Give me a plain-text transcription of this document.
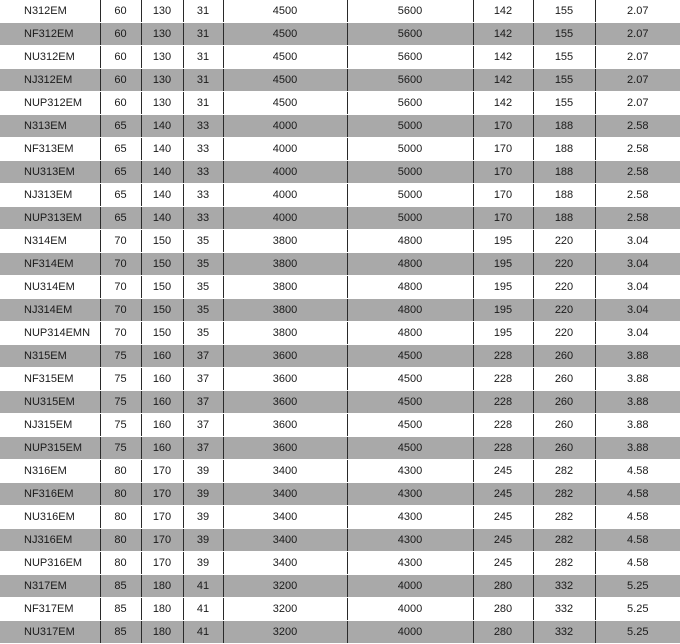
N312EM	60	130	31	4500	5600	142	155	2.07
NF312EM	60	130	31	4500	5600	142	155	2.07
NU312EM	60	130	31	4500	5600	142	155	2.07
NJ312EM	60	130	31	4500	5600	142	155	2.07
NUP312EM	60	130	31	4500	5600	142	155	2.07
N313EM	65	140	33	4000	5000	170	188	2.58
NF313EM	65	140	33	4000	5000	170	188	2.58
NU313EM	65	140	33	4000	5000	170	188	2.58
NJ313EM	65	140	33	4000	5000	170	188	2.58
NUP313EM	65	140	33	4000	5000	170	188	2.58
N314EM	70	150	35	3800	4800	195	220	3.04
NF314EM	70	150	35	3800	4800	195	220	3.04
NU314EM	70	150	35	3800	4800	195	220	3.04
NJ314EM	70	150	35	3800	4800	195	220	3.04
NUP314EMN	70	150	35	3800	4800	195	220	3.04
N315EM	75	160	37	3600	4500	228	260	3.88
NF315EM	75	160	37	3600	4500	228	260	3.88
NU315EM	75	160	37	3600	4500	228	260	3.88
NJ315EM	75	160	37	3600	4500	228	260	3.88
NUP315EM	75	160	37	3600	4500	228	260	3.88
N316EM	80	170	39	3400	4300	245	282	4.58
NF316EM	80	170	39	3400	4300	245	282	4.58
NU316EM	80	170	39	3400	4300	245	282	4.58
NJ316EM	80	170	39	3400	4300	245	282	4.58
NUP316EM	80	170	39	3400	4300	245	282	4.58
N317EM	85	180	41	3200	4000	280	332	5.25
NF317EM	85	180	41	3200	4000	280	332	5.25
NU317EM	85	180	41	3200	4000	280	332	5.25
